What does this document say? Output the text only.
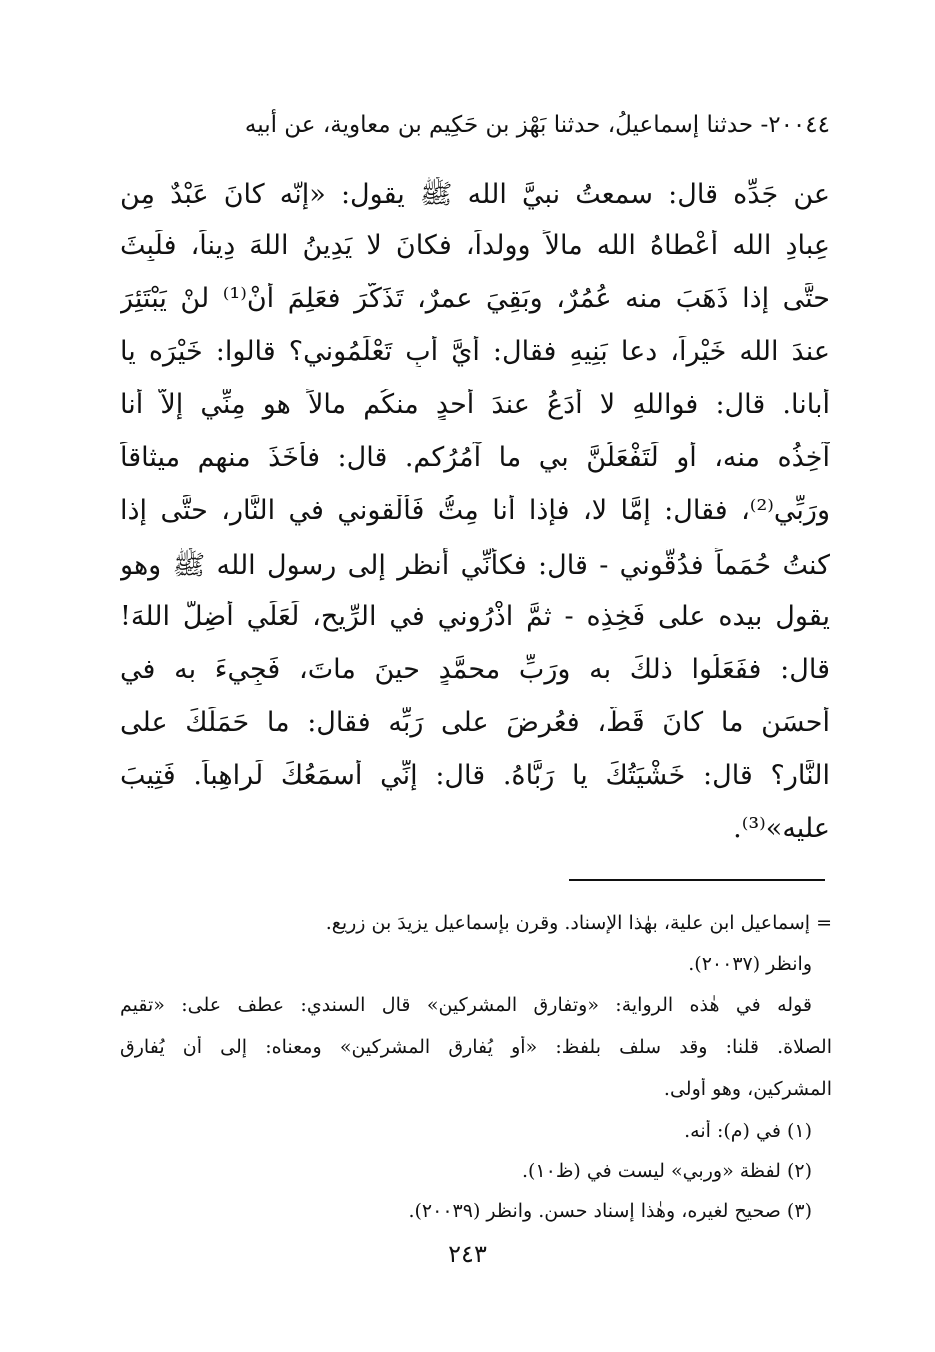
٢٠٠٤٤- حدثنا إسماعيلُ، حدثنا بَهْز بن حَكِيم بن معاوية، عن أبيه
عن جَدِّه قال: سمعتُ نبيَّ الله ﷺ يقول: «إنّه كانَ عَبْدٌ مِن
عِبادِ الله أعْطاهُ الله مالاً وولداً، فكانَ لا يَدِينُ اللهَ دِيناً، فلَبِثَ
حتَّى إذا ذَهَبَ منه عُمُرٌ، وبَقِيَ عمرٌ، تَذَكَّرَ فعَلِمَ أنْ⁽¹⁾ لنْ يَبْتَئِرَ
عندَ الله خَيْراً، دعا بَنِيهِ فقال: أيَّ أبٍ تَعْلَمُوني؟ قالوا: خَيْرَه يا
أبانا. قال: فواللهِ لا أدَعُ عندَ أحدٍ منكُم مالاً هو مِنِّي إلاّ أنا
آخِذُه منه، أو لَتَفْعَلُنَّ بي ما آمُرُكم. قال: فأخَذَ منهم ميثاقاً
ورَبِّي⁽²⁾، فقال: إمَّا لا، فإذا أنا مِتُّ فَألْقوني في النَّارِ، حتَّى إذا
كنتُ حُمَماً فدُقُّوني - قال: فكأنِّي أنظر إلى رسول الله ﷺ وهو
يقول بيده على فَخِذِه - ثمَّ اذْرُوني في الرِّيحِ، لَعَلِّي أَضِلُّ اللهَ!
قال: ففَعَلُوا ذلكَ به ورَبِّ محمَّدٍ حينَ ماتَ، فَجِيءَ به في
أحسَنِ ما كانَ قَطُّ، فعُرِضَ على رَبِّه فقال: ما حَمَلَكَ على
النَّارِ؟ قال: خَشْيَتُكَ يا رَبَّاهُ. قال: إنِّي أسمَعُكَ لَراهِباً. فَتِيبَ
عليه»⁽³⁾.
= إسماعيل ابن علية، بهٰذا الإسناد. وقرن بإسماعيل يزيدَ بن زريع.
وانظر (٢٠٠٣٧).
قوله في هٰذه الرواية: «وتفارق المشركين» قال السندي: عطف على: «تقيم
الصلاة. قلنا: وقد سلف بلفظ: «أو يُفارق المشركين» ومعناه: إلى أن يُفارق
المشركين، وهو أولى.
(١) في (م): أنه.
(٢) لفظة «وربي» ليست في (ظ١٠).
(٣) صحيح لغيره، وهٰذا إسناد حسن. وانظر (٢٠٠٣٩).
٢٤٣
